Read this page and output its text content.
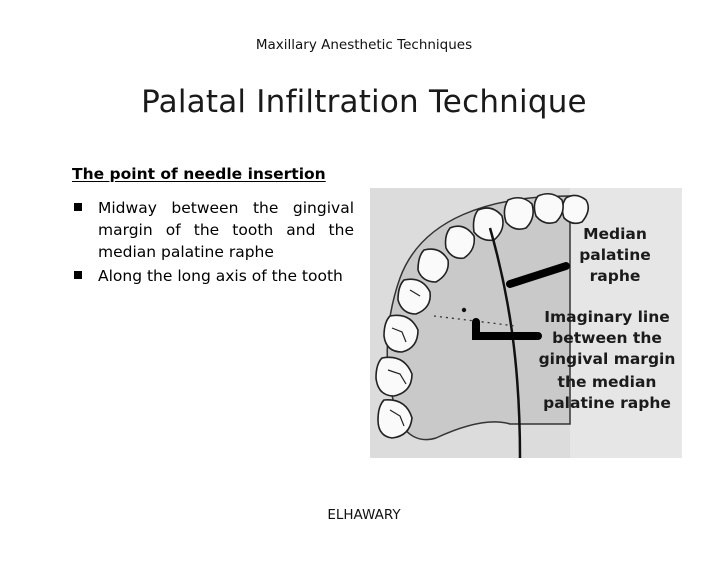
Maxillary Anesthetic Techniques
Palatal Infiltration Technique
The point of needle insertion
Midway between the gingival margin of the tooth and the median palatine raphe
Along the long axis of the tooth
Median
palatine
raphe
Imaginary line
between the
gingival margin
the median
palatine raphe
ELHAWARY
